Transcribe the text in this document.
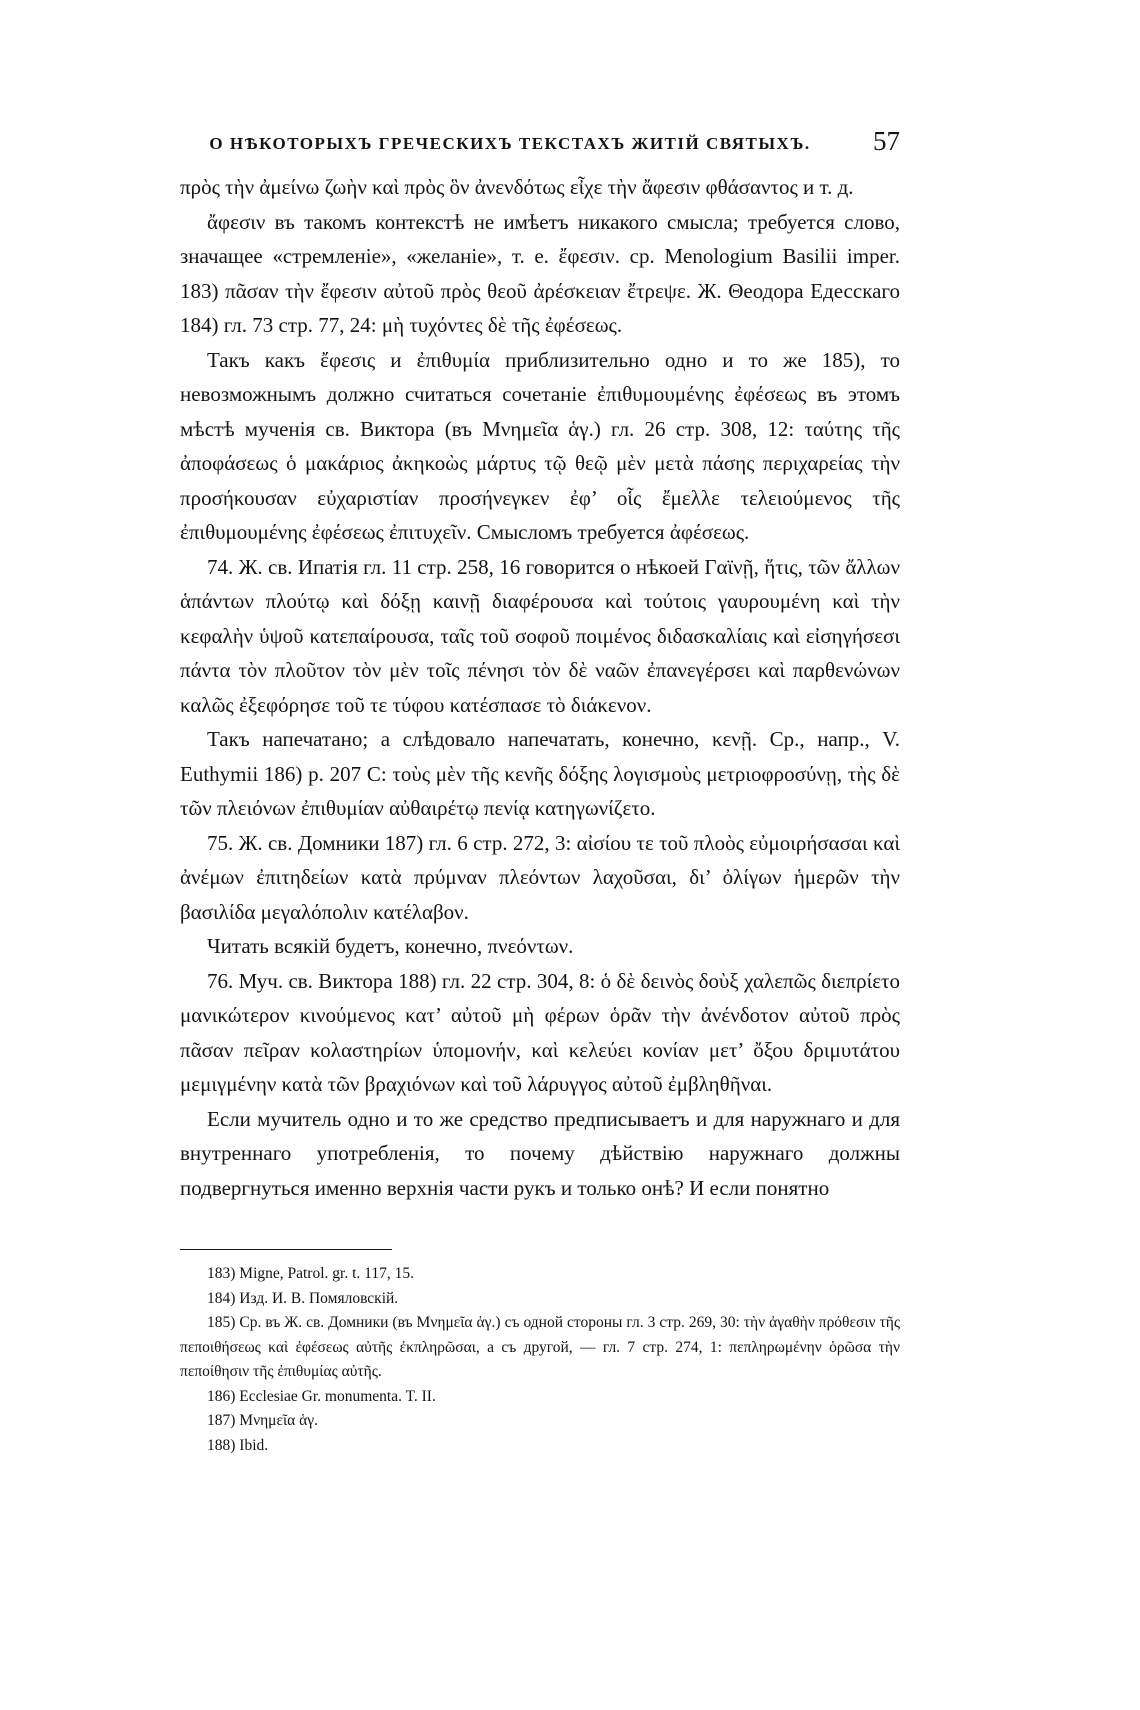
О НѢКОТОРЫХЪ ГРЕЧЕСКИХЪ ТЕКСТАХЪ ЖИТІЙ СВЯТЫХЪ.	57

πρὸς τὴν ἀμείνω ζωὴν καὶ πρὸς ὃν ἀνενδότως εἶχε τὴν ἄφεσιν φθάσαντος и т. д.

ἄφεσιν въ такомъ контекстѣ не имѣетъ никакого смысла; требуется слово, значащее «стремленіе», «желаніе», т. е. ἔφεσιν. ср. Menologium Basilii imper. 183) πᾶσαν τὴν ἔφεσιν αὐτοῦ πρὸς θεοῦ ἀρέσκειαν ἔτρεψε. Ж. Θеодора Едесскаго 184) гл. 73 стр. 77, 24: μὴ τυχόντες δὲ τῆς ἐφέσεως.

Такъ какъ ἔφεσις и ἐπιθυμία приблизительно одно и то же 185), то невозможнымъ должно считаться сочетаніе ἐπιθυμουμένης ἐφέσεως въ этомъ мѣстѣ мученія св. Виктора (въ Μνημεῖα ἁγ.) гл. 26 стр. 308, 12: ταύτης τῆς ἀποφάσεως ὁ μακάριος ἀκηκοὼς μάρτυς τῷ θεῷ μὲν μετὰ πάσης περιχαρείας τὴν προσήκουσαν εὐχαριστίαν προσήνεγκεν ἐφ’ οἷς ἔμελλε τελειούμενος τῆς ἐπιθυμουμένης ἐφέσεως ἐπιτυχεῖν. Смысломъ требуется ἀφέσεως.

74. Ж. св. Ипатія гл. 11 стр. 258, 16 говорится о нѣкоей Γαϊνῇ, ἥτις, τῶν ἄλλων ἁπάντων πλούτῳ καὶ δόξῃ καινῇ διαφέρουσα καὶ τούτοις γαυρουμένη καὶ τὴν κεφαλὴν ὑψοῦ κατεπαίρουσα, ταῖς τοῦ σοφοῦ ποιμένος διδασκαλίαις καὶ εἰσηγήσεσι πάντα τὸν πλοῦτον τὸν μὲν τοῖς πένησι τὸν δὲ ναῶν ἐπανεγέρσει καὶ παρθενώνων καλῶς ἐξεφόρησε τοῦ τε τύφου κατέσπασε τὸ διάκενον.

Такъ напечатано; а слѣдовало напечатать, конечно, κενῇ. Ср., напр., V. Euthymii 186) p. 207 C: τοὺς μὲν τῆς κενῆς δόξης λογισμοὺς μετριοφροσύνῃ, τὴς δὲ τῶν πλειόνων ἐπιθυμίαν αὐθαιρέτῳ πενίᾳ κατηγωνίζετο.

75. Ж. св. Домники 187) гл. 6 стр. 272, 3: αἰσίου τε τοῦ πλοὸς εὐμοιρήσασαι καὶ ἀνέμων ἐπιτηδείων κατὰ πρύμναν πλεόντων λαχοῦσαι, δι’ ὀλίγων ἡμερῶν τὴν βασιλίδα μεγαλόπολιν κατέλαβον.

Читать всякій будетъ, конечно, πνεόντων.

76. Муч. св. Виктора 188) гл. 22 стр. 304, 8: ὁ δὲ δεινὸς δοὺξ χαλεπῶς διεπρίετο μανικώτερον κινούμενος κατ’ αὐτοῦ μὴ φέρων ὁρᾶν τὴν ἀνένδοτον αὐτοῦ πρὸς πᾶσαν πεῖραν κολαστηρίων ὑπομονήν, καὶ κελεύει κονίαν μετ’ ὄξου δριμυτάτου μεμιγμένην κατὰ τῶν βραχιόνων καὶ τοῦ λάρυγγος αὐτοῦ ἐμβληθῆναι.

Если мучитель одно и то же средство предписываетъ и для наружнаго и для внутреннаго употребленія, то почему дѣйствію наружнаго должны подвергнуться именно верхнія части рукъ и только онѣ? И если понятно

183) Migne, Patrol. gr. t. 117, 15.

184) Изд. И. В. Помяловскій.

185) Ср. въ Ж. св. Домники (въ Μνημεῖα ἁγ.) съ одной стороны гл. 3 стр. 269, 30: τὴν ἀγαθὴν πρόθεσιν τῆς πεποιθήσεως καὶ ἐφέσεως αὐτῆς ἐκπληρῶσαι, а съ другой, — гл. 7 стр. 274, 1: πεπληρωμένην ὁρῶσα τὴν πεποίθησιν τῆς ἐπιθυμίας αὐτῆς.

186) Ecclesiae Gr. monumenta. T. II.

187) Μνημεῖα ἁγ.

188) Ibid.
